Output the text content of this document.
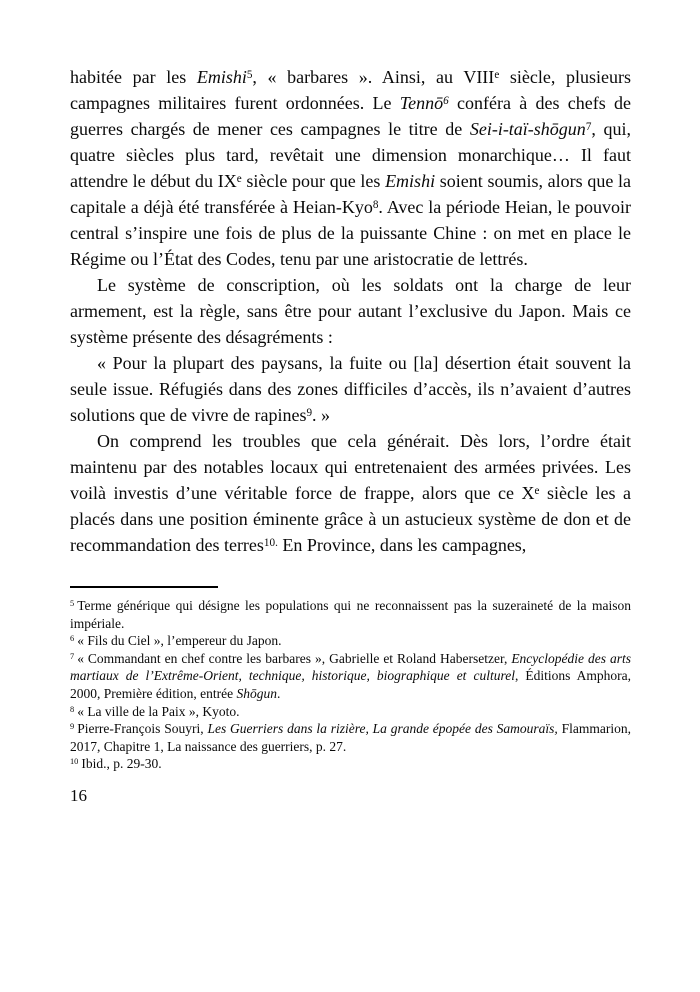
habitée par les Emishi$^5$, « barbares ». Ainsi, au VIIIe siècle, plusieurs campagnes militaires furent ordonnées. Le Tennō$^6$ conféra à des chefs de guerres chargés de mener ces campagnes le titre de Sei-i-taï-shōgun$^7$, qui, quatre siècles plus tard, revêtait une dimension monarchique… Il faut attendre le début du IXe siècle pour que les Emishi soient soumis, alors que la capitale a déjà été transférée à Heian-Kyo$^8$. Avec la période Heian, le pouvoir central s’inspire une fois de plus de la puissante Chine : on met en place le Régime ou l’État des Codes, tenu par une aristocratie de lettrés.

Le système de conscription, où les soldats ont la charge de leur armement, est la règle, sans être pour autant l’exclusive du Japon. Mais ce système présente des désagréments :

« Pour la plupart des paysans, la fuite ou [la] désertion était souvent la seule issue. Réfugiés dans des zones difficiles d’accès, ils n’avaient d’autres solutions que de vivre de rapines$^9$. »

On comprend les troubles que cela générait. Dès lors, l’ordre était maintenu par des notables locaux qui entretenaient des armées privées. Les voilà investis d’une véritable force de frappe, alors que ce Xe siècle les a placés dans une position éminente grâce à un astucieux système de don et de recommandation des terres$^{10.}$ En Province, dans les campagnes,

$^5$ Terme générique qui désigne les populations qui ne reconnaissent pas la suzeraineté de la maison impériale.
$^6$ « Fils du Ciel », l’empereur du Japon.
$^7$ « Commandant en chef contre les barbares », Gabrielle et Roland Habersetzer, Encyclopédie des arts martiaux de l’Extrême-Orient, technique, historique, biographique et culturel, Éditions Amphora, 2000, Première édition, entrée Shōgun.
$^8$ « La ville de la Paix », Kyoto.
$^9$ Pierre-François Souyri, Les Guerriers dans la rizière, La grande épopée des Samouraïs, Flammarion, 2017, Chapitre 1, La naissance des guerriers, p. 27.
$^{10}$ Ibid., p. 29-30.
16
